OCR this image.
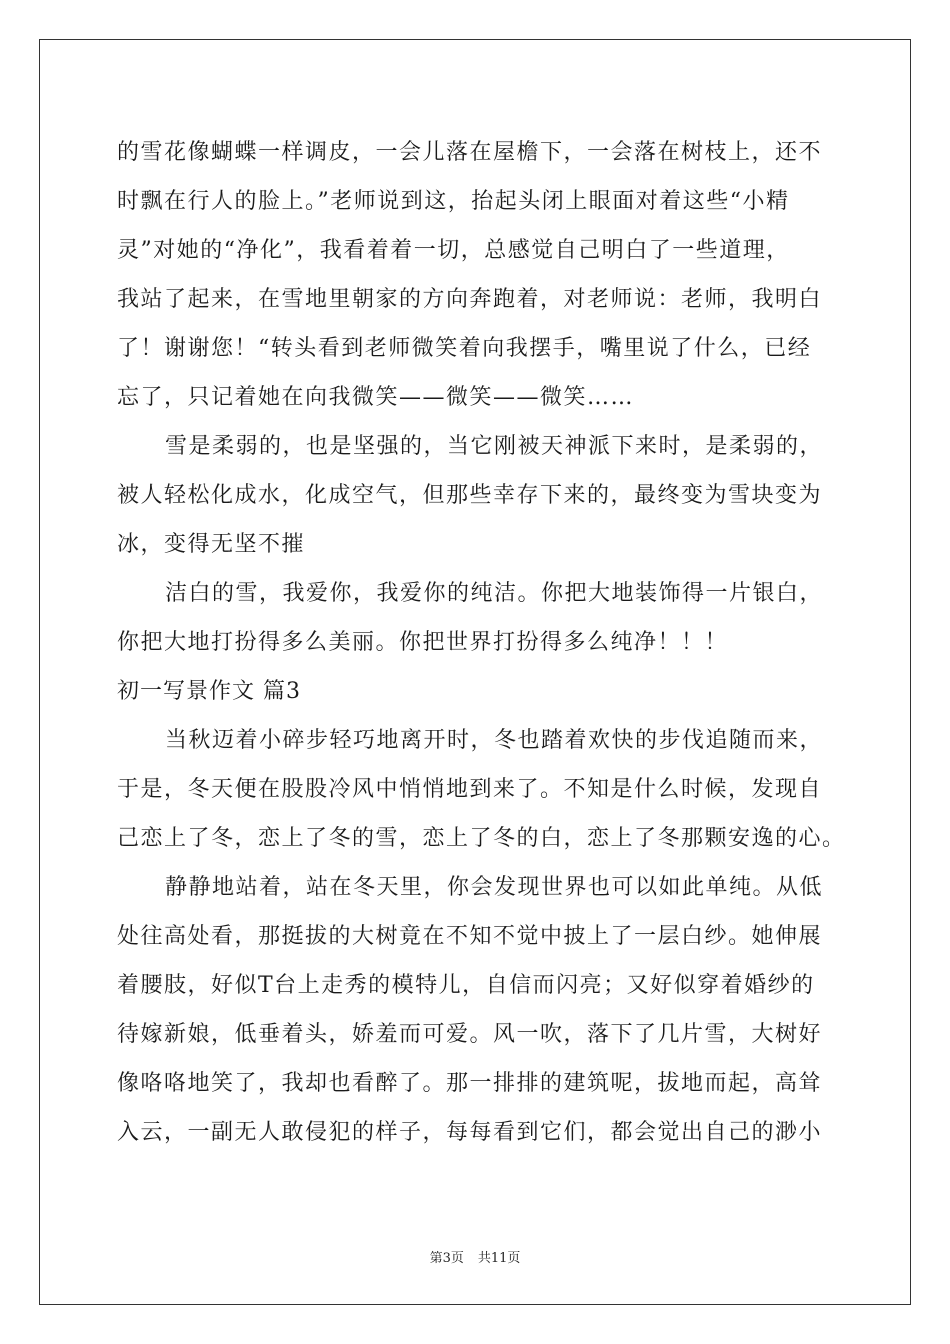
的雪花像蝴蝶一样调皮，一会儿落在屋檐下，一会落在树枝上，还不
时飘在行人的脸上。”老师说到这，抬起头闭上眼面对着这些“小精
灵”对她的“净化”，我看着着一切，总感觉自己明白了一些道理，
我站了起来，在雪地里朝家的方向奔跑着，对老师说：老师，我明白
了！谢谢您！“转头看到老师微笑着向我摆手，嘴里说了什么，已经
忘了，只记着她在向我微笑——微笑——微笑……
雪是柔弱的，也是坚强的，当它刚被天神派下来时，是柔弱的，
被人轻松化成水，化成空气，但那些幸存下来的，最终变为雪块变为
冰，变得无坚不摧
洁白的雪，我爱你，我爱你的纯洁。你把大地装饰得一片银白，
你把大地打扮得多么美丽。你把世界打扮得多么纯净！！！
初一写景作文 篇3
当秋迈着小碎步轻巧地离开时，冬也踏着欢快的步伐追随而来，
于是，冬天便在股股冷风中悄悄地到来了。不知是什么时候，发现自
己恋上了冬，恋上了冬的雪，恋上了冬的白，恋上了冬那颗安逸的心。
静静地站着，站在冬天里，你会发现世界也可以如此单纯。从低
处往高处看，那挺拔的大树竟在不知不觉中披上了一层白纱。她伸展
着腰肢，好似T台上走秀的模特儿，自信而闪亮；又好似穿着婚纱的
待嫁新娘，低垂着头，娇羞而可爱。风一吹，落下了几片雪，大树好
像咯咯地笑了，我却也看醉了。那一排排的建筑呢，拔地而起，高耸
入云，一副无人敢侵犯的样子，每每看到它们，都会觉出自己的渺小
第3页 共11页
